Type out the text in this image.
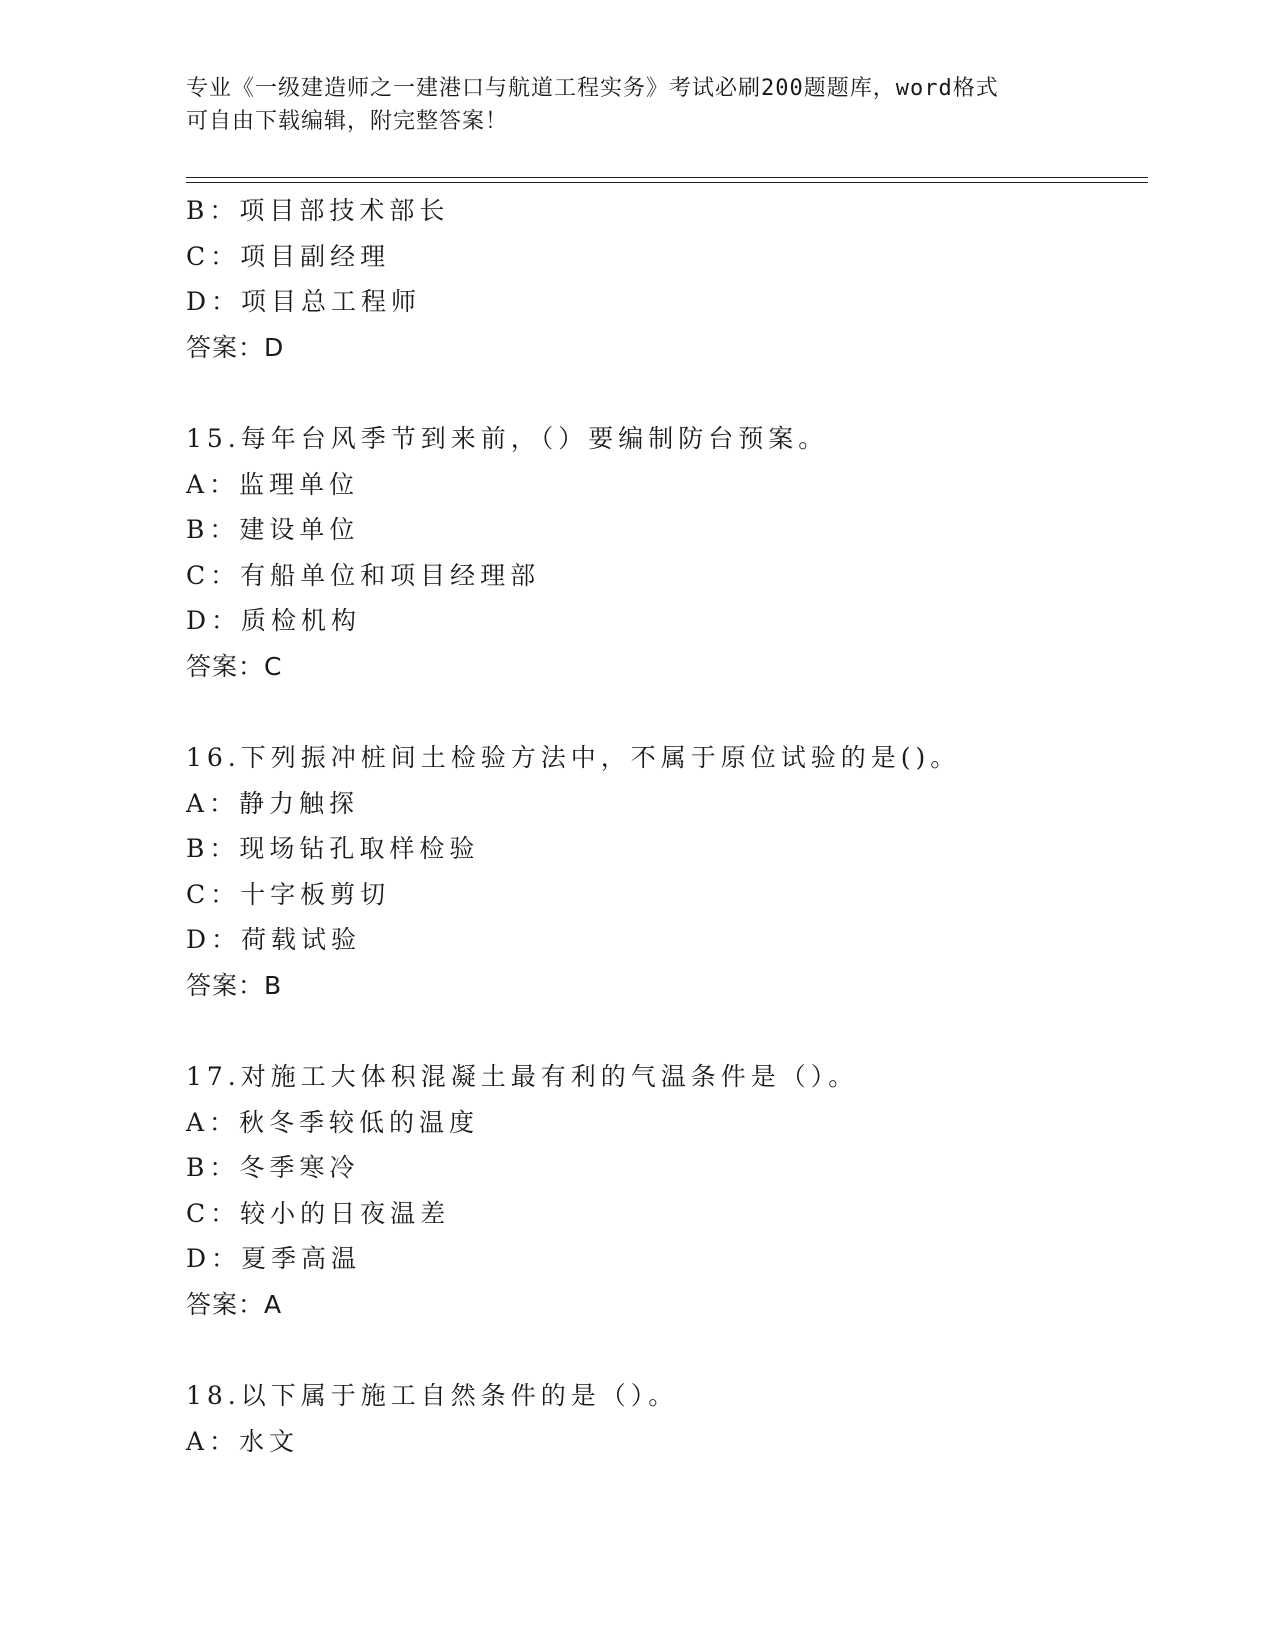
专业《一级建造师之一建港口与航道工程实务》考试必刷200题题库，word格式
可自由下载编辑，附完整答案！
B：项目部技术部长
C：项目副经理
D：项目总工程师
答案：D
15.每年台风季节到来前，（）要编制防台预案。
A：监理单位
B：建设单位
C：有船单位和项目经理部
D：质检机构
答案：C
16.下列振冲桩间土检验方法中，不属于原位试验的是()。
A：静力触探
B：现场钻孔取样检验
C：十字板剪切
D：荷载试验
答案：B
17.对施工大体积混凝土最有利的气温条件是（）。
A：秋冬季较低的温度
B：冬季寒冷
C：较小的日夜温差
D：夏季高温
答案：A
18.以下属于施工自然条件的是（）。
A：水文
